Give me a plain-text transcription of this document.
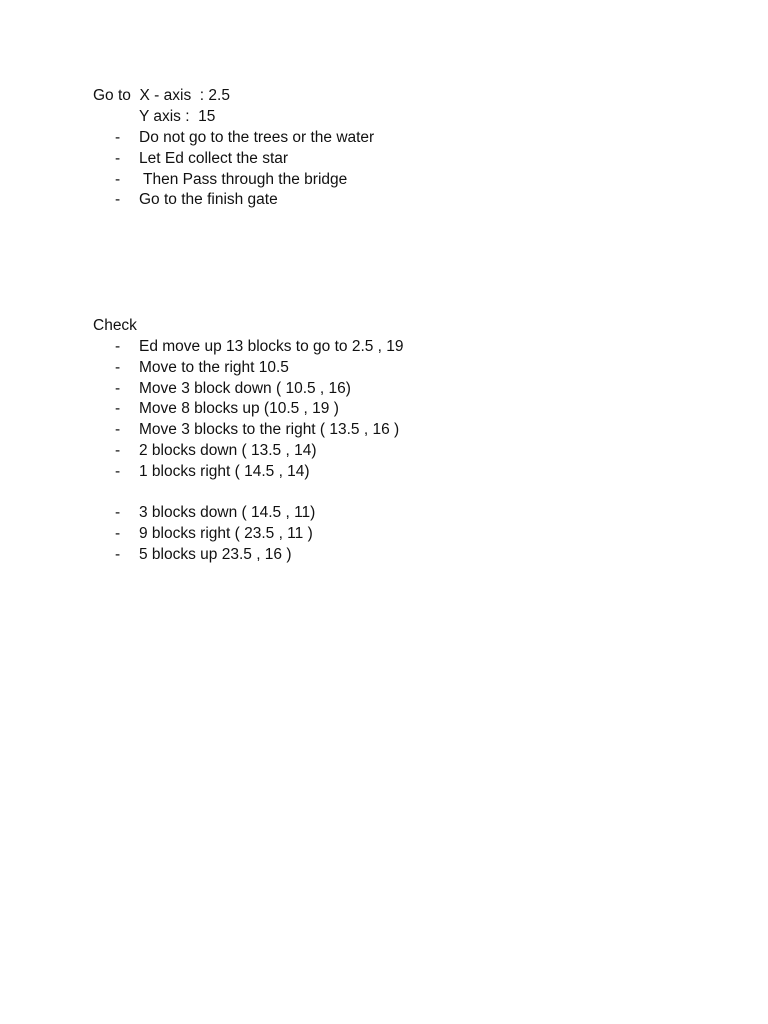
Go to  X - axis  : 2.5
Y axis :  15
-	Do not go to the trees or the water
-	Let Ed collect the star
-	Then Pass through the bridge
-	Go to the finish gate
Check
-	Ed move up 13 blocks to go to 2.5 , 19
-	Move to the right 10.5
-	Move 3 block down ( 10.5 , 16)
-	Move 8 blocks up (10.5 , 19 )
-	Move 3 blocks to the right ( 13.5 , 16 )
-	2 blocks down ( 13.5 , 14)
-	1 blocks right ( 14.5 , 14)
-	3 blocks down ( 14.5 , 11)
-	9 blocks right ( 23.5 , 11 )
-	5 blocks up 23.5 , 16 )
